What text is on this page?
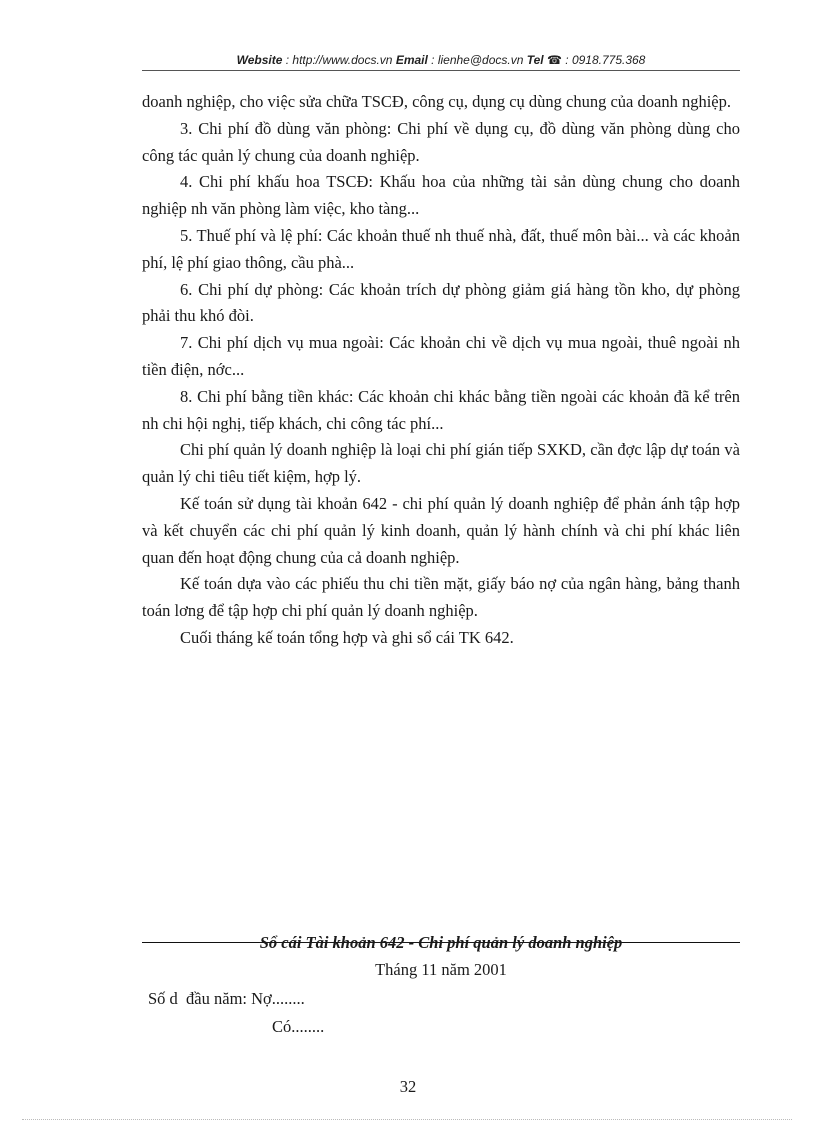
Website : http://www.docs.vn Email : lienhe@docs.vn Tel ☎ : 0918.775.368

doanh nghiệp, cho việc sửa chữa TSCĐ, công cụ, dụng cụ dùng chung của doanh nghiệp.

3. Chi phí đồ dùng văn phòng: Chi phí về dụng cụ, đồ dùng văn phòng dùng cho công tác quản lý chung của doanh nghiệp.

4. Chi phí khấu hoa TSCĐ: Khấu hoa của những tài sản dùng chung cho doanh nghiệp nh văn phòng làm việc, kho tàng...

5. Thuế phí và lệ phí: Các khoản thuế nh thuế nhà, đất, thuế môn bài... và các khoản phí, lệ phí giao thông, cầu phà...

6. Chi phí dự phòng: Các khoản trích dự phòng giảm giá hàng tồn kho, dự phòng phải thu khó đòi.

7. Chi phí dịch vụ mua ngoài: Các khoản chi về dịch vụ mua ngoài, thuê ngoài nh tiền điện, nớc...

8. Chi phí bằng tiền khác: Các khoản chi khác bằng tiền ngoài các khoản đã kể trên nh chi hội nghị, tiếp khách, chi công tác phí...

Chi phí quản lý doanh nghiệp là loại chi phí gián tiếp SXKD, cần đợc lập dự toán và quản lý chi tiêu tiết kiệm, hợp lý.

Kế toán sử dụng tài khoản 642 - chi phí quản lý doanh nghiệp để phản ánh tập hợp và kết chuyển các chi phí quản lý kinh doanh, quản lý hành chính và chi phí khác liên quan đến hoạt động chung của cả doanh nghiệp.

Kế toán dựa vào các phiếu thu chi tiền mặt, giấy báo nợ của ngân hàng, bảng thanh toán lơng để tập hợp chi phí quản lý doanh nghiệp.

Cuối tháng kế toán tổng hợp và ghi sổ cái TK 642.

Sổ cái Tài khoản 642 - Chi phí quản lý doanh nghiệp
Tháng 11 năm 2001
Số d  đầu năm: Nợ........
Có........
32
